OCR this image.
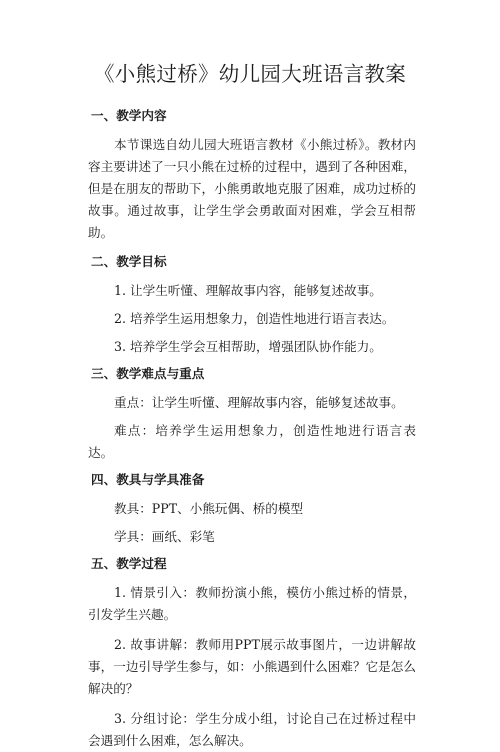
《小熊过桥》幼儿园大班语言教案
一、教学内容

本节课选自幼儿园大班语言教材《小熊过桥》。教材内容主要讲述了一只小熊在过桥的过程中，遇到了各种困难，但是在朋友的帮助下，小熊勇敢地克服了困难，成功过桥的故事。通过故事，让学生学会勇敢面对困难，学会互相帮助。

二、教学目标

1. 让学生听懂、理解故事内容，能够复述故事。

2. 培养学生运用想象力，创造性地进行语言表达。

3. 培养学生学会互相帮助，增强团队协作能力。

三、教学难点与重点

重点：让学生听懂、理解故事内容，能够复述故事。

难点：培养学生运用想象力，创造性地进行语言表达。

四、教具与学具准备

教具：PPT、小熊玩偶、桥的模型

学具：画纸、彩笔

五、教学过程

1. 情景引入：教师扮演小熊，模仿小熊过桥的情景，引发学生兴趣。

2. 故事讲解：教师用PPT展示故事图片，一边讲解故事，一边引导学生参与，如：小熊遇到什么困难？它是怎么解决的？

3. 分组讨论：学生分成小组，讨论自己在过桥过程中会遇到什么困难，怎么解决。
